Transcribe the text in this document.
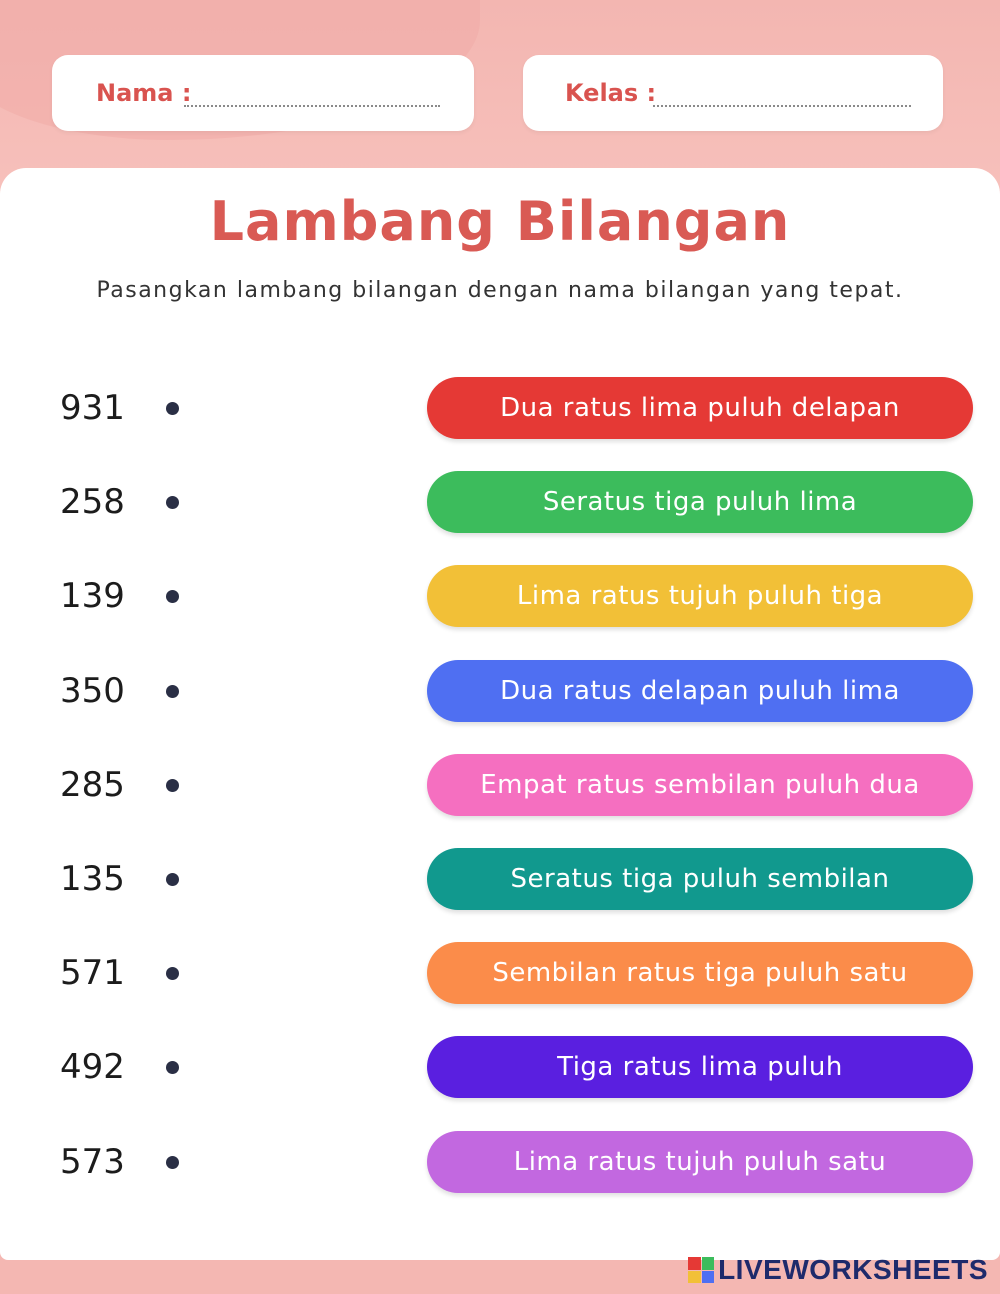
Nama :	Kelas :
Lambang Bilangan
Pasangkan lambang bilangan dengan nama bilangan yang tepat.
931
258
139
350
285
135
571
492
573
Dua ratus lima puluh delapan
Seratus tiga puluh lima
Lima ratus tujuh puluh tiga
Dua ratus delapan puluh lima
Empat ratus sembilan puluh dua
Seratus tiga puluh sembilan
Sembilan ratus tiga puluh satu
Tiga ratus lima puluh
Lima ratus tujuh puluh satu
LIVEWORKSHEETS
